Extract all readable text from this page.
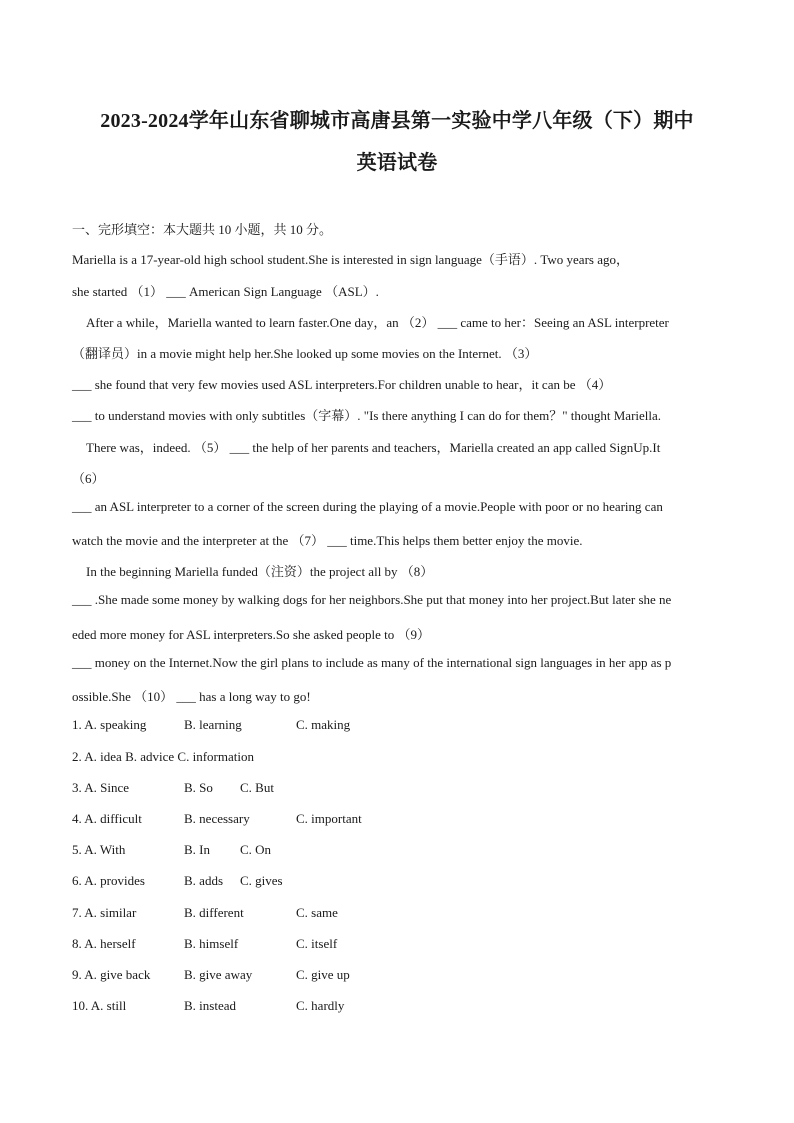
2023-2024学年山东省聊城市高唐县第一实验中学八年级（下）期中
英语试卷
一、完形填空：本大题共 10 小题，共 10 分。
Mariella is a 17-year-old high school student.She is interested in sign language（手语）. Two years ago，
she started （1） ___ American Sign Language （ASL）.
After a while，Mariella wanted to learn faster.One day，an （2） ___ came to her：Seeing an ASL interpreter
（翻译员）in a movie might help her.She looked up some movies on the Internet. （3）
___ she found that very few movies used ASL interpreters.For children unable to hear，it can be （4）
___ to understand movies with only subtitles（字幕）. "Is there anything I can do for them？" thought Mariella.
There was，indeed. （5） ___ the help of her parents and teachers，Mariella created an app called SignUp.It
（6）
___ an ASL interpreter to a corner of the screen during the playing of a movie.People with poor or no hearing can
watch the movie and the interpreter at the （7） ___ time.This helps them better enjoy the movie.
In the beginning Mariella funded（注资）the project all by （8）
___ .She made some money by walking dogs for her neighbors.She put that money into her project.But later she ne
eded more money for ASL interpreters.So she asked people to （9）
___ money on the Internet.Now the girl plans to include as many of the international sign languages in her app as p
ossible.She （10） ___ has a long way to go!
1. A. speaking	B. learning	C. making
2. A. idea B. advice C. information
3. A. Since	B. So C. But
4. A. difficult	B. necessary	C. important
5. A. With	B. In C. On
6. A. provides	B. adds C. gives
7. A. similar	B. different	C. same
8. A. herself	B. himself	C. itself
9. A. give back	B. give away	C. give up
10. A. still	B. instead	C. hardly
